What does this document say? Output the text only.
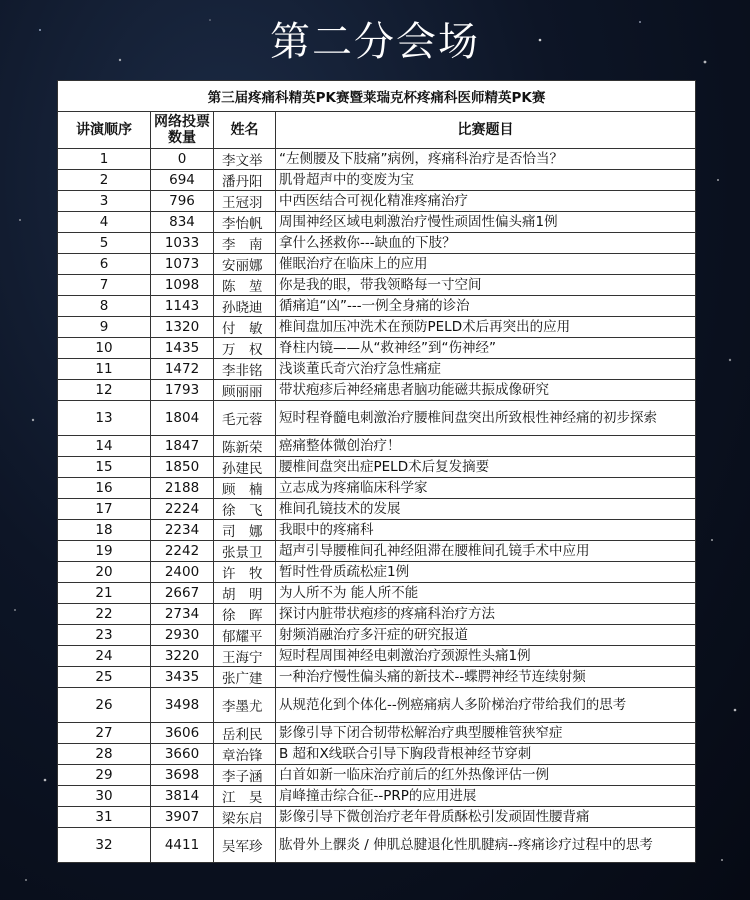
第二分会场
第三届疼痛科精英PK赛暨莱瑞克杯疼痛科医师精英PK赛			
讲演顺序	网络投票数量	姓名	比赛题目
1	0	李文举	“左侧腰及下肢痛”病例，疼痛科治疗是否恰当？
2	694	潘丹阳	肌骨超声中的变废为宝
3	796	王冠羽	中西医结合可视化精准疼痛治疗
4	834	李怡帆	周围神经区域电刺激治疗慢性顽固性偏头痛1例
5	1033	李　南	拿什么拯救你---缺血的下肢？
6	1073	安丽娜	催眠治疗在临床上的应用
7	1098	陈　堃	你是我的眼，带我领略每一寸空间
8	1143	孙晓迪	循痛追“凶”---一例全身痛的诊治
9	1320	付　敏	椎间盘加压冲洗术在预防PELD术后再突出的应用
10	1435	万　权	脊柱内镜——从“救神经”到“伤神经”
11	1472	李非铭	浅谈董氏奇穴治疗急性痛症
12	1793	顾丽丽	带状疱疹后神经痛患者脑功能磁共振成像研究
13	1804	毛元蓉	短时程脊髓电刺激治疗腰椎间盘突出所致根性神经痛的初步探索
14	1847	陈新荣	癌痛整体微创治疗！
15	1850	孙建民	腰椎间盘突出症PELD术后复发摘要
16	2188	顾　楠	立志成为疼痛临床科学家
17	2224	徐　飞	椎间孔镜技术的发展
18	2234	司　娜	我眼中的疼痛科
19	2242	张景卫	超声引导腰椎间孔神经阻滞在腰椎间孔镜手术中应用
20	2400	许　牧	暂时性骨质疏松症1例
21	2667	胡　明	为人所不为 能人所不能
22	2734	徐　晖	探讨内脏带状疱疹的疼痛科治疗方法
23	2930	郁耀平	射频消融治疗多汗症的研究报道
24	3220	王海宁	短时程周围神经电刺激治疗颈源性头痛1例
25	3435	张广建	一种治疗慢性偏头痛的新技术--蝶腭神经节连续射频
26	3498	李墨尤	从规范化到个体化--例癌痛病人多阶梯治疗带给我们的思考
27	3606	岳利民	影像引导下闭合韧带松解治疗典型腰椎管狭窄症
28	3660	章治锋	B 超和X线联合引导下胸段背根神经节穿刺
29	3698	李子涵	白首如新一临床治疗前后的红外热像评估一例
30	3814	江　昊	肩峰撞击综合征--PRP的应用进展
31	3907	梁东启	影像引导下微创治疗老年骨质酥松引发顽固性腰背痛
32	4411	吴军珍	肱骨外上髁炎 / 伸肌总腱退化性肌腱病--疼痛诊疗过程中的思考
